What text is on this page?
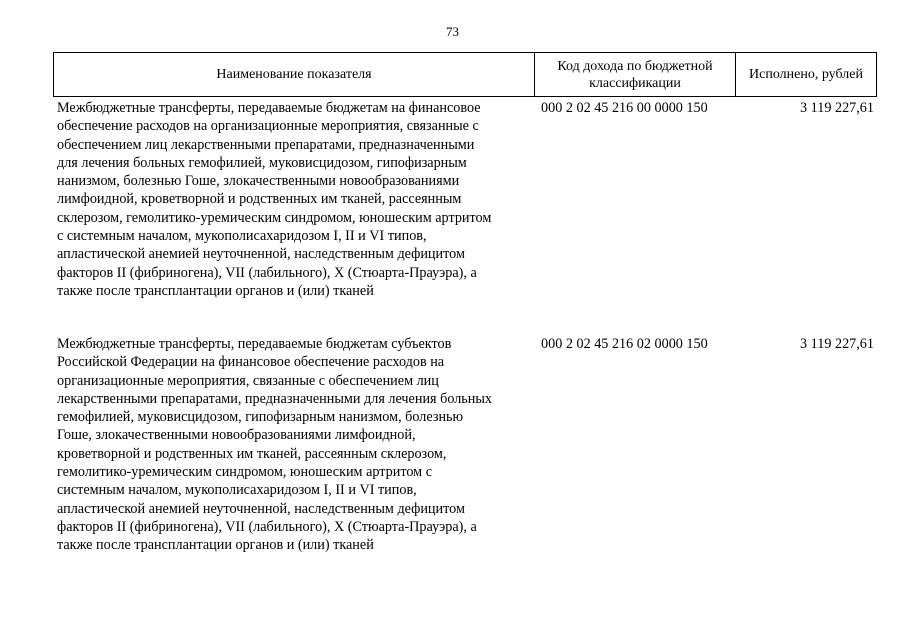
73
Наименование показателя
Код дохода по бюджетной классификации
Исполнено, рублей
Межбюджетные трансферты, передаваемые бюджетам на финансовое
обеспечение расходов на организационные мероприятия, связанные с
обеспечением лиц лекарственными препаратами, предназначенными
для лечения больных гемофилией, муковисцидозом, гипофизарным
нанизмом, болезнью Гоше, злокачественными новообразованиями
лимфоидной, кроветворной и родственных им тканей, рассеянным
склерозом, гемолитико-уремическим синдромом, юношеским артритом
с системным началом, мукополисахаридозом I, II и VI типов,
апластической анемией неуточненной, наследственным дефицитом
факторов II (фибриногена), VII (лабильного), X (Стюарта-Прауэра), а
также после трансплантации органов и (или) тканей
000 2 02 45 216 00 0000 150	3 119 227,61
Межбюджетные трансферты, передаваемые бюджетам субъектов
Российской Федерации на финансовое обеспечение расходов на
организационные мероприятия, связанные с обеспечением лиц
лекарственными препаратами, предназначенными для лечения больных
гемофилией, муковисцидозом, гипофизарным нанизмом, болезнью
Гоше, злокачественными новообразованиями лимфоидной,
кроветворной и родственных им тканей, рассеянным склерозом,
гемолитико-уремическим синдромом, юношеским артритом с
системным началом, мукополисахаридозом I, II и VI типов,
апластической анемией неуточненной, наследственным дефицитом
факторов II (фибриногена), VII (лабильного), X (Стюарта-Прауэра), а
также после трансплантации органов и (или) тканей
000 2 02 45 216 02 0000 150	3 119 227,61
